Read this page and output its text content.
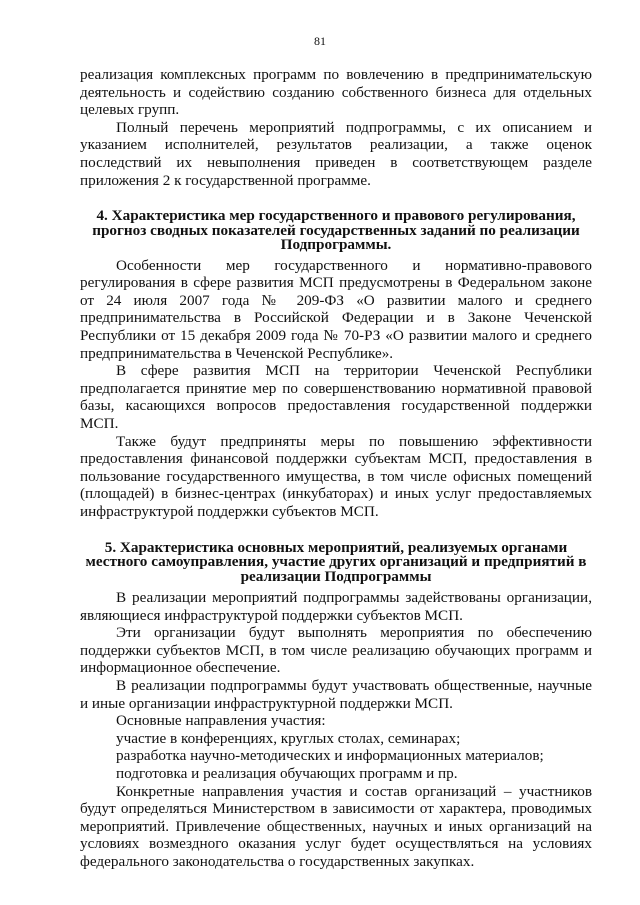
81

реализация комплексных программ по вовлечению в предпринимательскую деятельность и содействию созданию собственного бизнеса для отдельных целевых групп.

Полный перечень мероприятий подпрограммы, с их описанием и указанием исполнителей, результатов реализации, а также оценок последствий их невыполнения приведен в соответствующем разделе приложения 2 к государственной программе.

4. Характеристика мер государственного и правового регулирования, прогноз сводных показателей государственных заданий по реализации Подпрограммы.

Особенности мер государственного и нормативно-правового регулирования в сфере развития МСП предусмотрены в Федеральном законе от 24 июля 2007 года № 209-ФЗ «О развитии малого и среднего предпринимательства в Российской Федерации и в Законе Чеченской Республики от 15 декабря 2009 года № 70-РЗ «О развитии малого и среднего предпринимательства в Чеченской Республике».

В сфере развития МСП на территории Чеченской Республики предполагается принятие мер по совершенствованию нормативной правовой базы, касающихся вопросов предоставления государственной поддержки МСП.

Также будут предприняты меры по повышению эффективности предоставления финансовой поддержки субъектам МСП, предоставления в пользование государственного имущества, в том числе офисных помещений (площадей) в бизнес-центрах (инкубаторах) и иных услуг предоставляемых инфраструктурой поддержки субъектов МСП.

5. Характеристика основных мероприятий, реализуемых органами местного самоуправления, участие других организаций и предприятий в реализации Подпрограммы

В реализации мероприятий подпрограммы задействованы организации, являющиеся инфраструктурой поддержки субъектов МСП.

Эти организации будут выполнять мероприятия по обеспечению поддержки субъектов МСП, в том числе реализацию обучающих программ и информационное обеспечение.

В реализации подпрограммы будут участвовать общественные, научные и иные организации инфраструктурной поддержки МСП.

Основные направления участия:

участие в конференциях, круглых столах, семинарах;

разработка научно-методических и информационных материалов;

подготовка и реализация обучающих программ и пр.

Конкретные направления участия и состав организаций – участников будут определяться Министерством в зависимости от характера, проводимых мероприятий. Привлечение общественных, научных и иных организаций на условиях возмездного оказания услуг будет осуществляться на условиях федерального законодательства о государственных закупках.
